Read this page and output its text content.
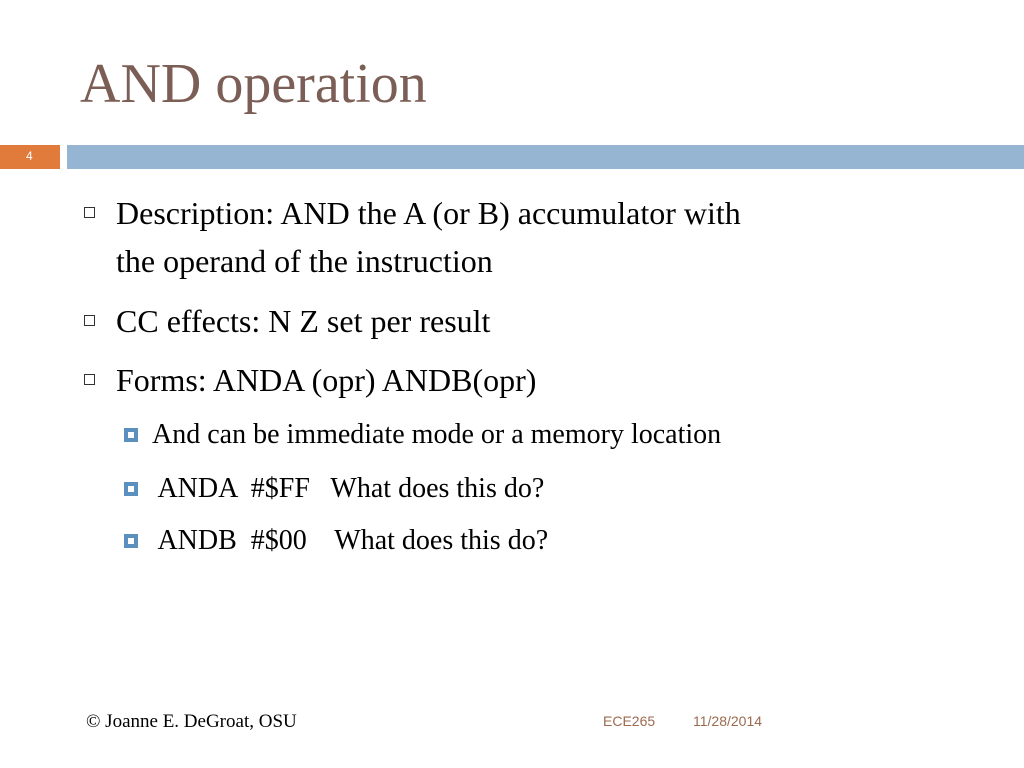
AND operation
4
Description: AND the A (or B) accumulator with
the operand of the instruction
CC effects: N Z set per result
Forms: ANDA (opr) ANDB(opr)
And can be immediate mode or a memory location
ANDA  #$FF   What does this do?
ANDB  #$00    What does this do?
© Joanne E. DeGroat, OSU	ECE265	11/28/2014
